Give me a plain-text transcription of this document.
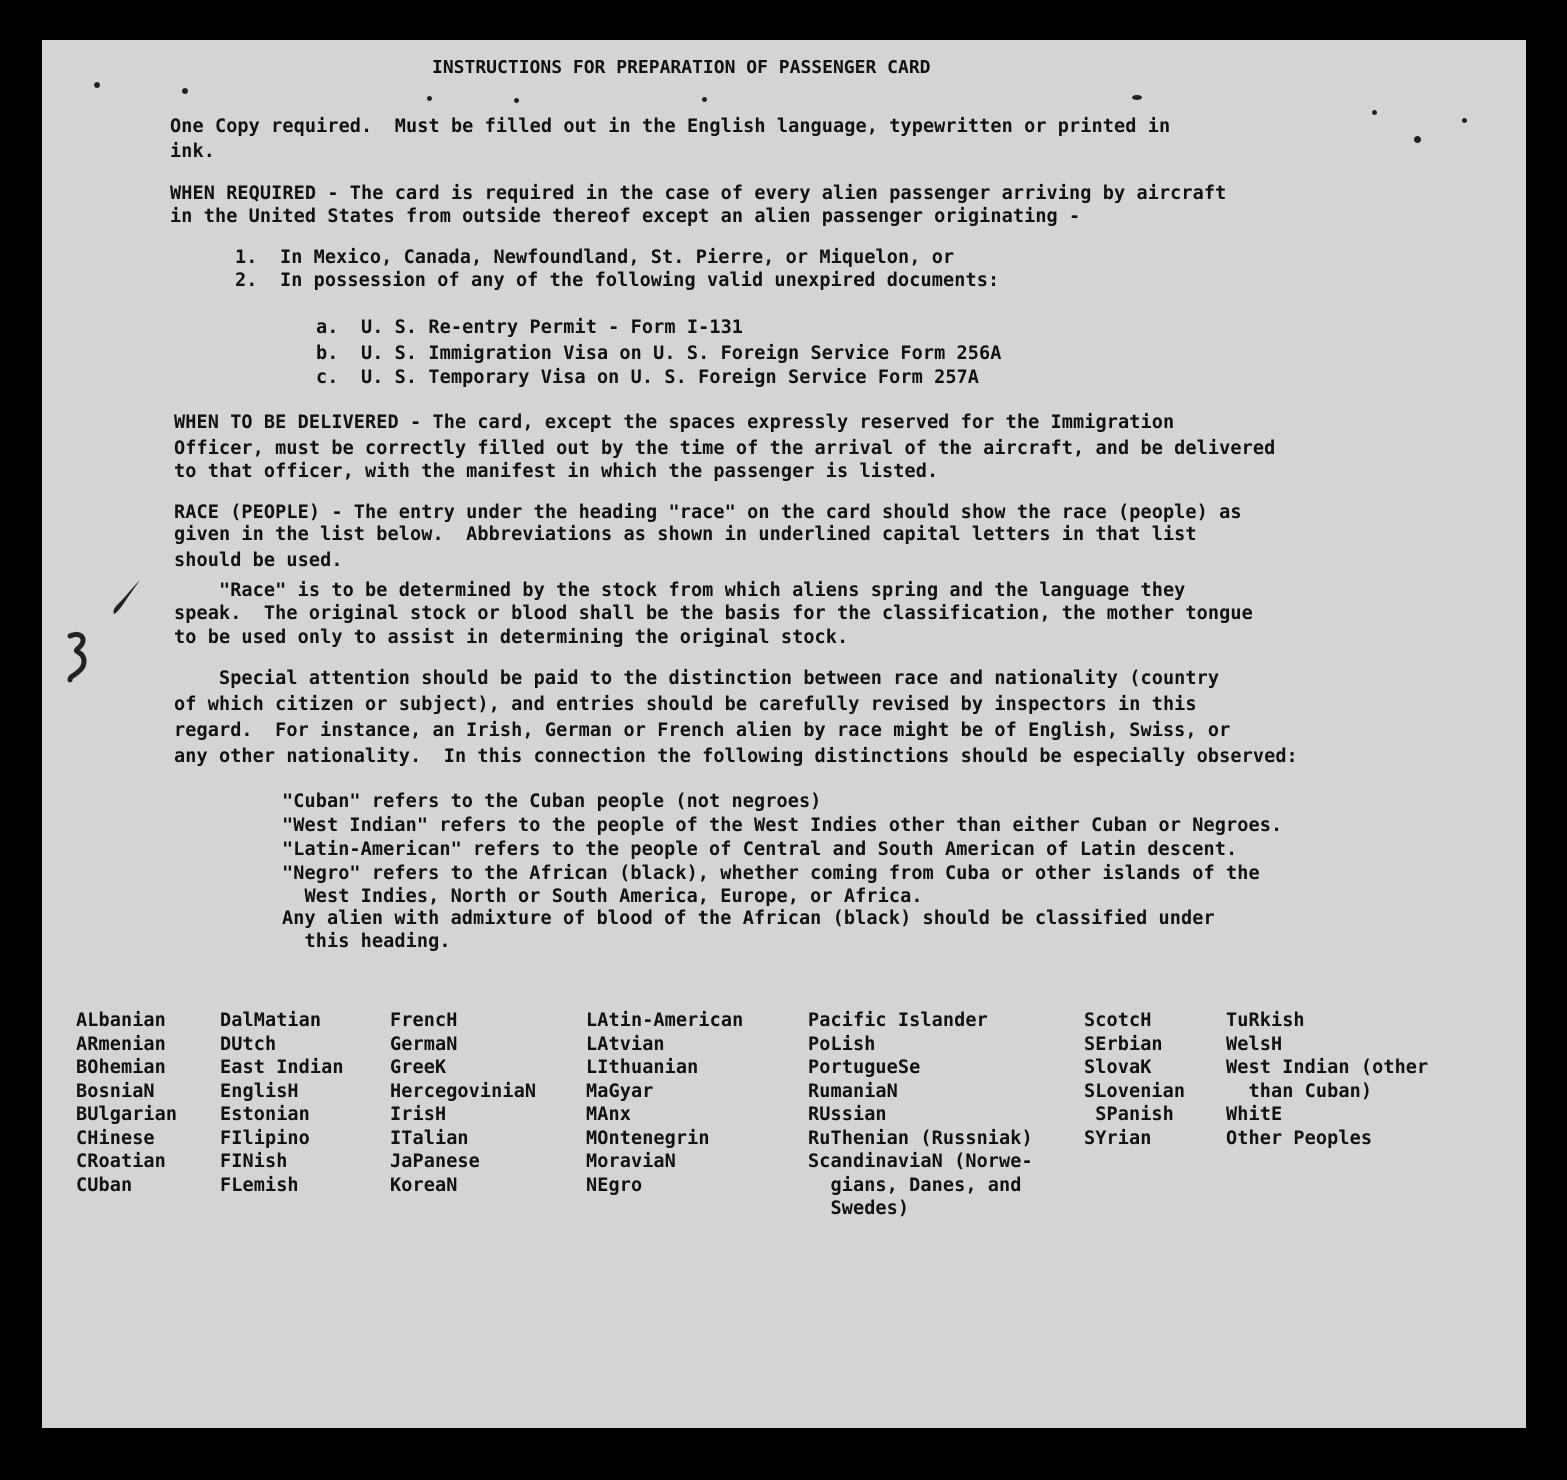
INSTRUCTIONS FOR PREPARATION OF PASSENGER CARD
One Copy required.  Must be filled out in the English language, typewritten or printed in
ink.
WHEN REQUIRED - The card is required in the case of every alien passenger arriving by aircraft
in the United States from outside thereof except an alien passenger originating -
1.  In Mexico, Canada, Newfoundland, St. Pierre, or Miquelon, or
2.  In possession of any of the following valid unexpired documents:
a.  U. S. Re-entry Permit - Form I-131
b.  U. S. Immigration Visa on U. S. Foreign Service Form 256A
c.  U. S. Temporary Visa on U. S. Foreign Service Form 257A
WHEN TO BE DELIVERED - The card, except the spaces expressly reserved for the Immigration
Officer, must be correctly filled out by the time of the arrival of the aircraft, and be delivered
to that officer, with the manifest in which the passenger is listed.
RACE (PEOPLE) - The entry under the heading "race" on the card should show the race (people) as
given in the list below.  Abbreviations as shown in underlined capital letters in that list
should be used.
"Race" is to be determined by the stock from which aliens spring and the language they
speak.  The original stock or blood shall be the basis for the classification, the mother tongue
to be used only to assist in determining the original stock.
Special attention should be paid to the distinction between race and nationality (country
of which citizen or subject), and entries should be carefully revised by inspectors in this
regard.  For instance, an Irish, German or French alien by race might be of English, Swiss, or
any other nationality.  In this connection the following distinctions should be especially observed:
"Cuban" refers to the Cuban people (not negroes)
"West Indian" refers to the people of the West Indies other than either Cuban or Negroes.
"Latin-American" refers to the people of Central and South American of Latin descent.
"Negro" refers to the African (black), whether coming from Cuba or other islands of the
West Indies, North or South America, Europe, or Africa.
Any alien with admixture of blood of the African (black) should be classified under
this heading.
ALbanian
ARmenian
BOhemian
BosniaN
BUlgarian
CHinese
CRoatian
CUban
DalMatian
DUtch
East Indian
EnglisH
Estonian
FIlipino
FINish
FLemish
FrencH
GermaN
GreeK
HercegoviniaN
IrisH
ITalian
JaPanese
KoreaN
LAtin-American
LAtvian
LIthuanian
MaGyar
MAnx
MOntenegrin
MoraviaN
NEgro
Pacific Islander
PoLish
PortugueSe
RumaniaN
RUssian
RuThenian (Russniak)
ScandinaviaN (Norwe-
gians, Danes, and
Swedes)
ScotcH
SErbian
SlovaK
SLovenian
SPanish
SYrian
TuRkish
WelsH
West Indian (other
than Cuban)
WhitE
Other Peoples
